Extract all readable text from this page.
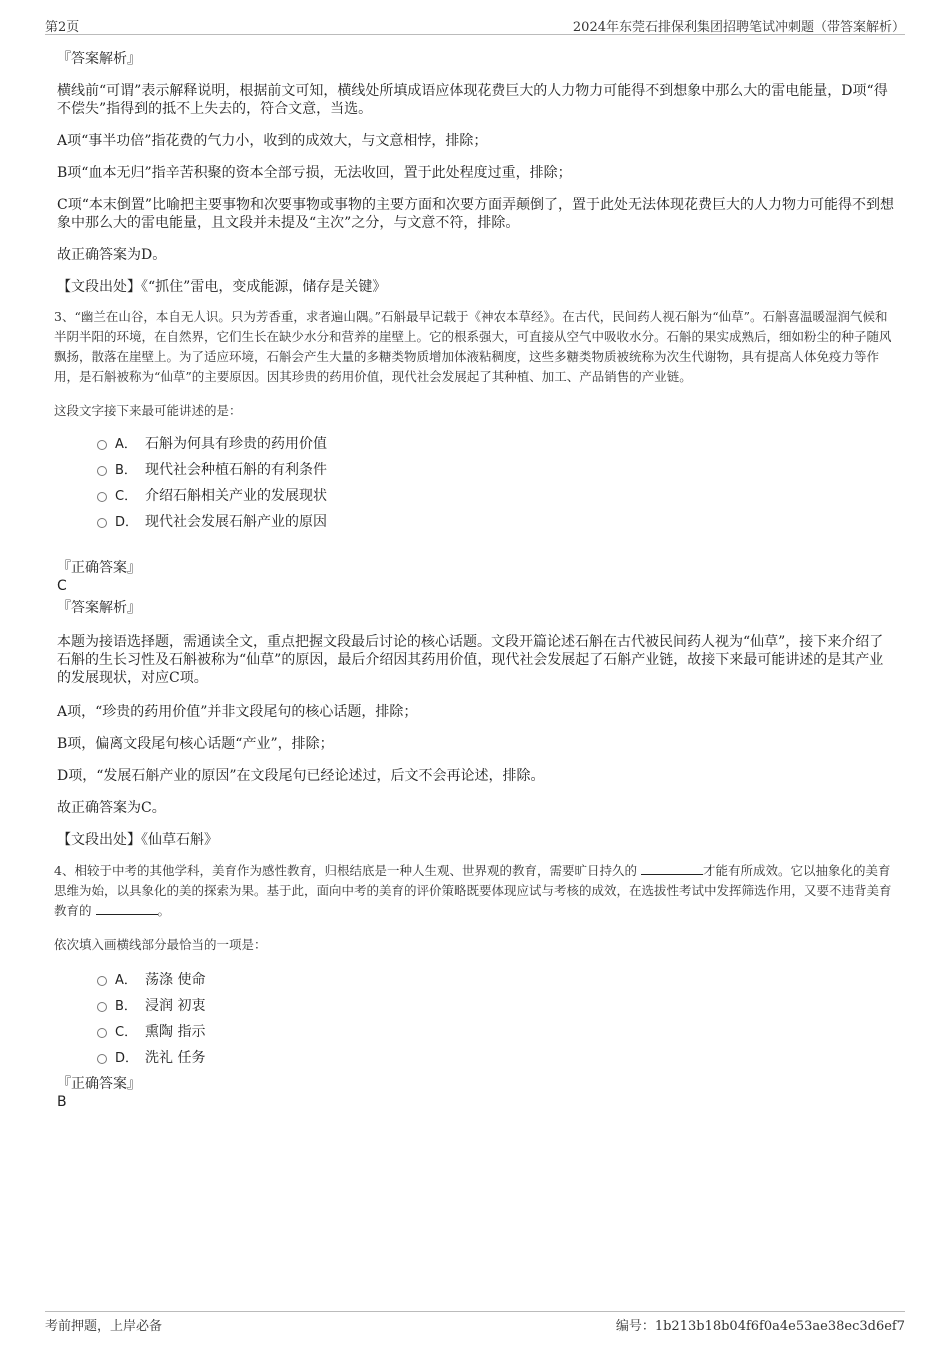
第2页	2024年东莞石排保利集团招聘笔试冲刺题（带答案解析）

『答案解析』

横线前“可谓”表示解释说明，根据前文可知，横线处所填成语应体现花费巨大的人力物力可能得不到想象中那么大的雷电能量，D项“得不偿失”指得到的抵不上失去的，符合文意，当选。

A项“事半功倍”指花费的气力小，收到的成效大，与文意相悖，排除；

B项“血本无归”指辛苦积聚的资本全部亏损，无法收回，置于此处程度过重，排除；

C项“本末倒置”比喻把主要事物和次要事物或事物的主要方面和次要方面弄颠倒了，置于此处无法体现花费巨大的人力物力可能得不到想象中那么大的雷电能量，且文段并未提及“主次”之分，与文意不符，排除。

故正确答案为D。

【文段出处】《“抓住”雷电，变成能源，储存是关键》

3、“幽兰在山谷，本自无人识。只为芳香重，求者遍山隅。”石斛最早记载于《神农本草经》。在古代，民间药人视石斛为“仙草”。石斛喜温暖湿润气候和半阴半阳的环境，在自然界，它们生长在缺少水分和营养的崖壁上。它的根系强大，可直接从空气中吸收水分。石斛的果实成熟后，细如粉尘的种子随风飘扬，散落在崖壁上。为了适应环境，石斛会产生大量的多糖类物质增加体液粘稠度，这些多糖类物质被统称为次生代谢物，具有提高人体免疫力等作用，是石斛被称为“仙草”的主要原因。因其珍贵的药用价值，现代社会发展起了其种植、加工、产品销售的产业链。

这段文字接下来最可能讲述的是：

A． 石斛为何具有珍贵的药用价值
B． 现代社会种植石斛的有利条件
C． 介绍石斛相关产业的发展现状
D． 现代社会发展石斛产业的原因

『正确答案』

C

『答案解析』

本题为接语选择题，需通读全文，重点把握文段最后讨论的核心话题。文段开篇论述石斛在古代被民间药人视为“仙草”，接下来介绍了石斛的生长习性及石斛被称为“仙草”的原因，最后介绍因其药用价值，现代社会发展起了石斛产业链，故接下来最可能讲述的是其产业的发展现状，对应C项。

A项，“珍贵的药用价值”并非文段尾句的核心话题，排除；

B项，偏离文段尾句核心话题“产业”，排除；

D项，“发展石斛产业的原因”在文段尾句已经论述过，后文不会再论述，排除。

故正确答案为C。

【文段出处】《仙草石斛》

4、相较于中考的其他学科，美育作为感性教育，归根结底是一种人生观、世界观的教育，需要旷日持久的	才能有所成效。它以抽象化的美育思维为始，以具象化的美的探索为果。基于此，面向中考的美育的评价策略既要体现应试与考核的成效，在选拔性考试中发挥筛选作用，又要不违背美育教育的	。

依次填入画横线部分最恰当的一项是：

A． 荡涤 使命
B． 浸润 初衷
C． 熏陶 指示
D． 洗礼 任务

『正确答案』

B

考前押题，上岸必备	编号：1b213b18b04f6f0a4e53ae38ec3d6ef7
